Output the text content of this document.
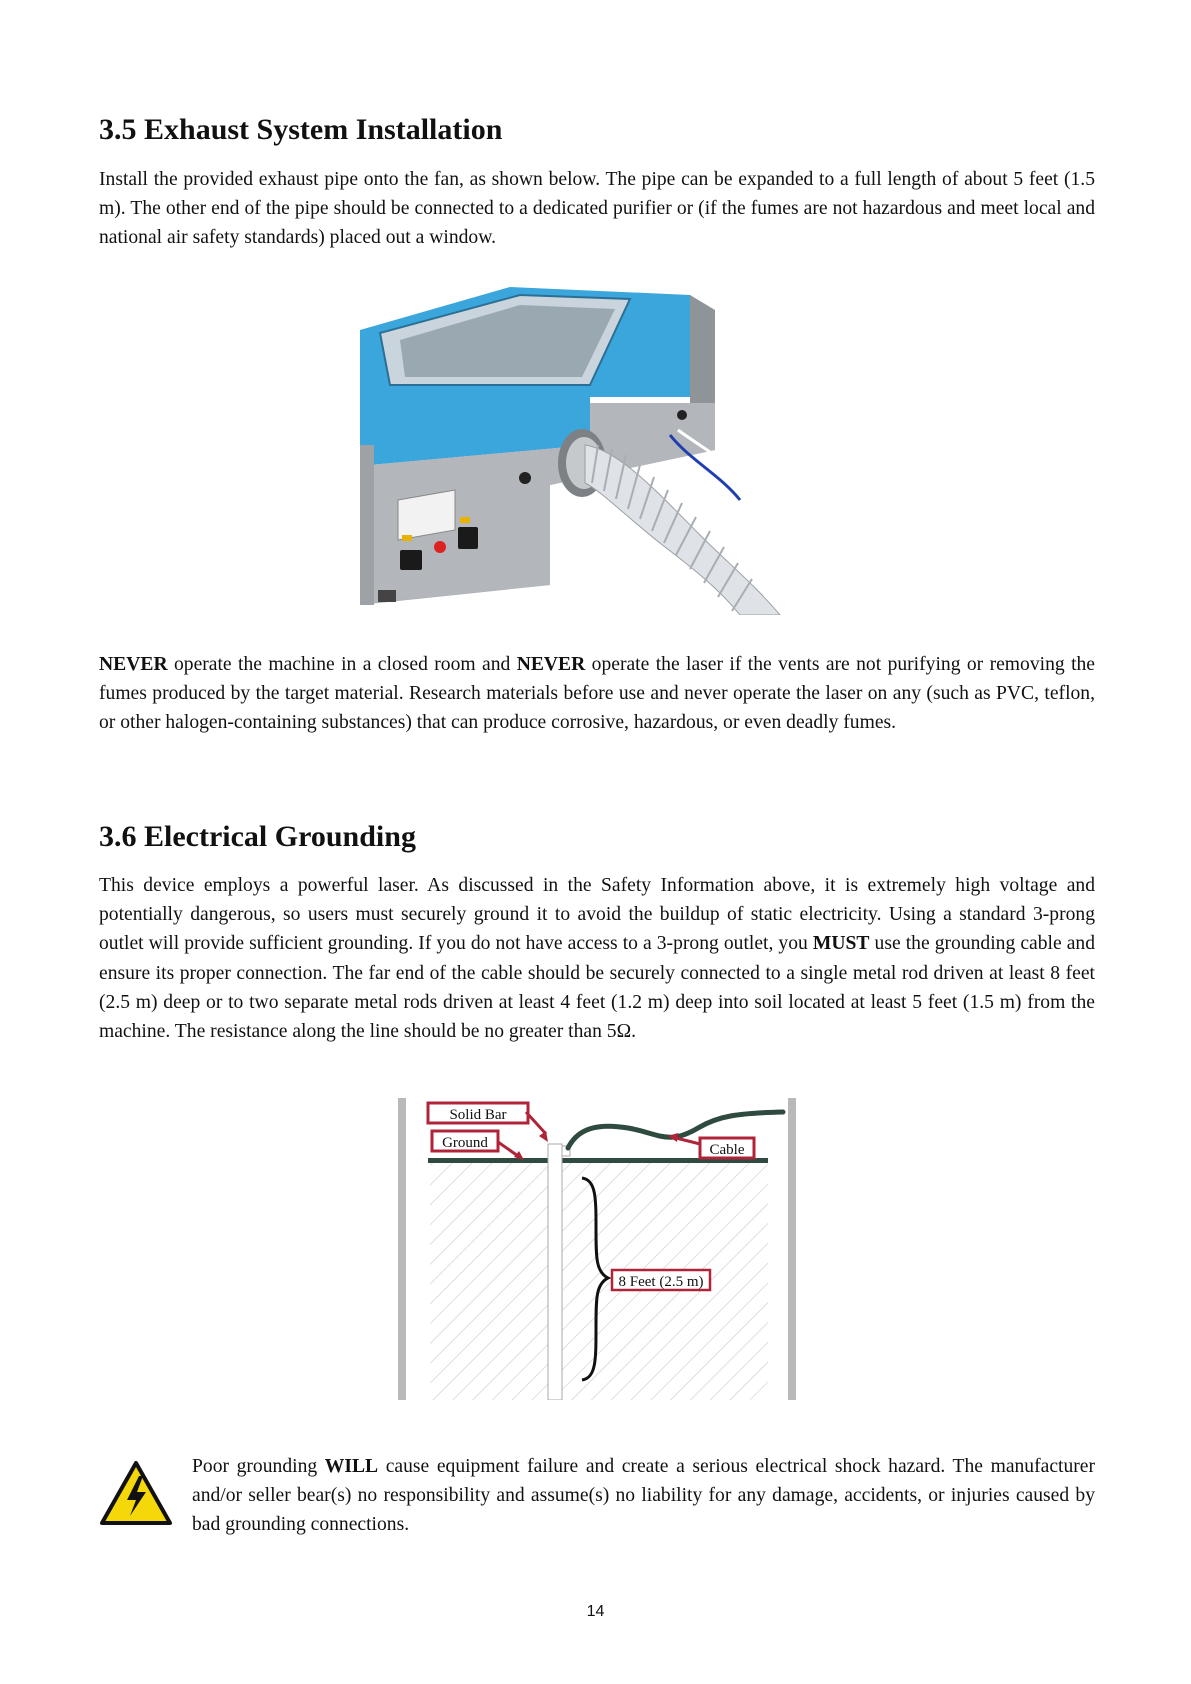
3.5 Exhaust System Installation

Install the provided exhaust pipe onto the fan, as shown below. The pipe can be expanded to a full length of about 5 feet (1.5 m). The other end of the pipe should be connected to a dedicated purifier or (if the fumes are not hazardous and meet local and national air safety standards) placed out a window.

NEVER operate the machine in a closed room and NEVER operate the laser if the vents are not purifying or removing the fumes produced by the target material. Research materials before use and never operate the laser on any (such as PVC, teflon, or other halogen-containing substances) that can produce corrosive, hazardous, or even deadly fumes.

3.6 Electrical Grounding

This device employs a powerful laser. As discussed in the Safety Information above, it is extremely high voltage and potentially dangerous, so users must securely ground it to avoid the buildup of static electricity. Using a standard 3-prong outlet will provide sufficient grounding. If you do not have access to a 3-prong outlet, you MUST use the grounding cable and ensure its proper connection. The far end of the cable should be securely connected to a single metal rod driven at least 8 feet (2.5 m) deep or to two separate metal rods driven at least 4 feet (1.2 m) deep into soil located at least 5 feet (1.5 m) from the machine. The resistance along the line should be no greater than 5Ω.

Solid Bar
Ground	Cable
8 Feet (2.5 m)

Poor grounding WILL cause equipment failure and create a serious electrical shock hazard. The manufacturer and/or seller bear(s) no responsibility and assume(s) no liability for any damage, accidents, or injuries caused by bad grounding connections.

14
